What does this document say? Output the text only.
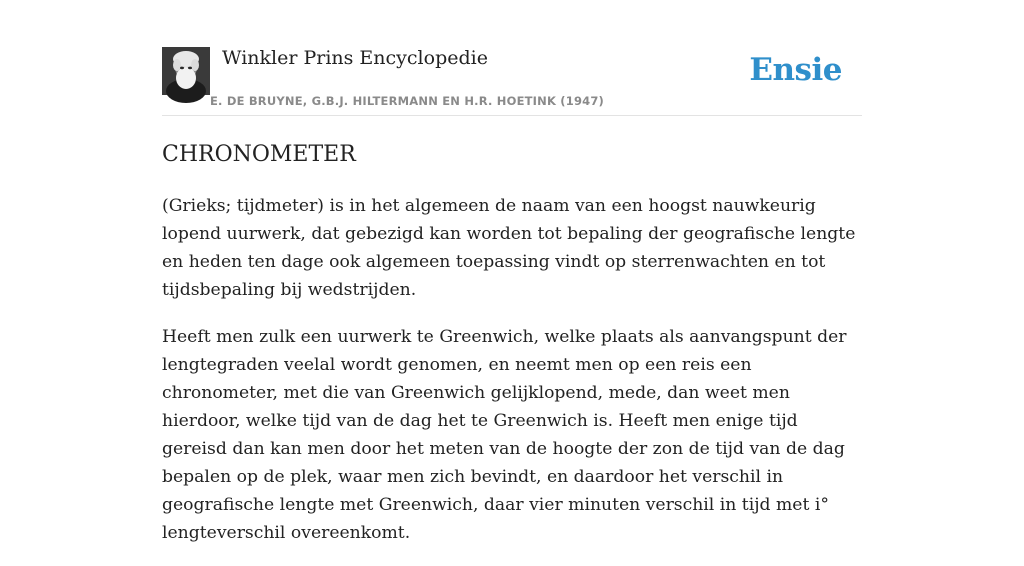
Winkler Prins Encyclopedie
E. DE BRUYNE, G.B.J. HILTERMANN EN H.R. HOETINK (1947)
Ensie
CHRONOMETER

(Grieks; tijdmeter) is in het algemeen de naam van een hoogst nauwkeurig lopend uurwerk, dat gebezigd kan worden tot bepaling der geografische lengte en heden ten dage ook algemeen toepassing vindt op sterrenwachten en tot tijdsbepaling bij wedstrijden.

Heeft men zulk een uurwerk te Greenwich, welke plaats als aanvangspunt der lengtegraden veelal wordt genomen, en neemt men op een reis een chronometer, met die van Greenwich gelijklopend, mede, dan weet men hierdoor, welke tijd van de dag het te Greenwich is. Heeft men enige tijd gereisd dan kan men door het meten van de hoogte der zon de tijd van de dag bepalen op de plek, waar men zich bevindt, en daardoor het verschil in geografische lengte met Greenwich, daar vier minuten verschil in tijd met i° lengteverschil overeenkomt.
